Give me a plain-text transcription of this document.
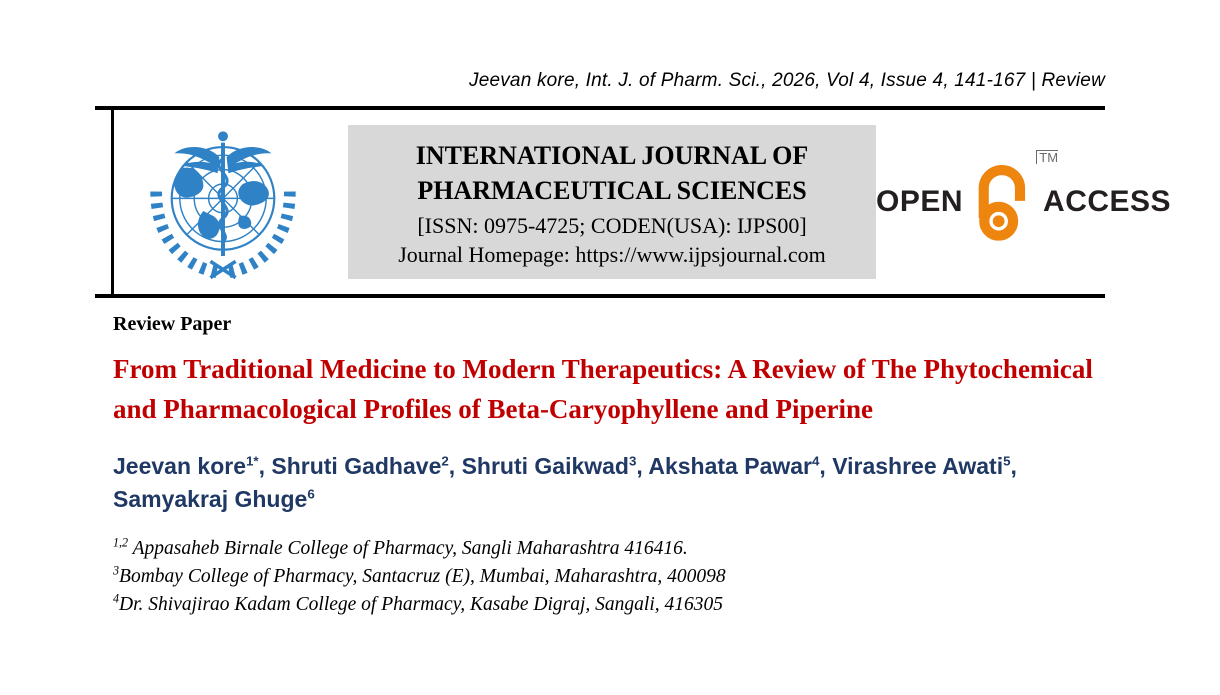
Jeevan kore, Int. J. of Pharm. Sci., 2026, Vol 4, Issue 4, 141-167 | Review
INTERNATIONAL JOURNAL OF
PHARMACEUTICAL SCIENCES
[ISSN: 0975-4725; CODEN(USA): IJPS00]
Journal Homepage: https://www.ijpsjournal.com
OPEN
TM
ACCESS
Review Paper
From Traditional Medicine to Modern Therapeutics: A Review of The Phytochemical and Pharmacological Profiles of Beta-Caryophyllene and Piperine
Jeevan kore$^{1*}$, Shruti Gadhave$^2$, Shruti Gaikwad$^3$, Akshata Pawar$^4$, Virashree Awati$^5$, Samyakraj Ghuge$^6$
$^{1,2}$ Appasaheb Birnale College of Pharmacy, Sangli Maharashtra 416416.
$^3$Bombay College of Pharmacy, Santacruz (E), Mumbai, Maharashtra, 400098
$^4$Dr. Shivajirao Kadam College of Pharmacy, Kasabe Digraj, Sangali, 416305
